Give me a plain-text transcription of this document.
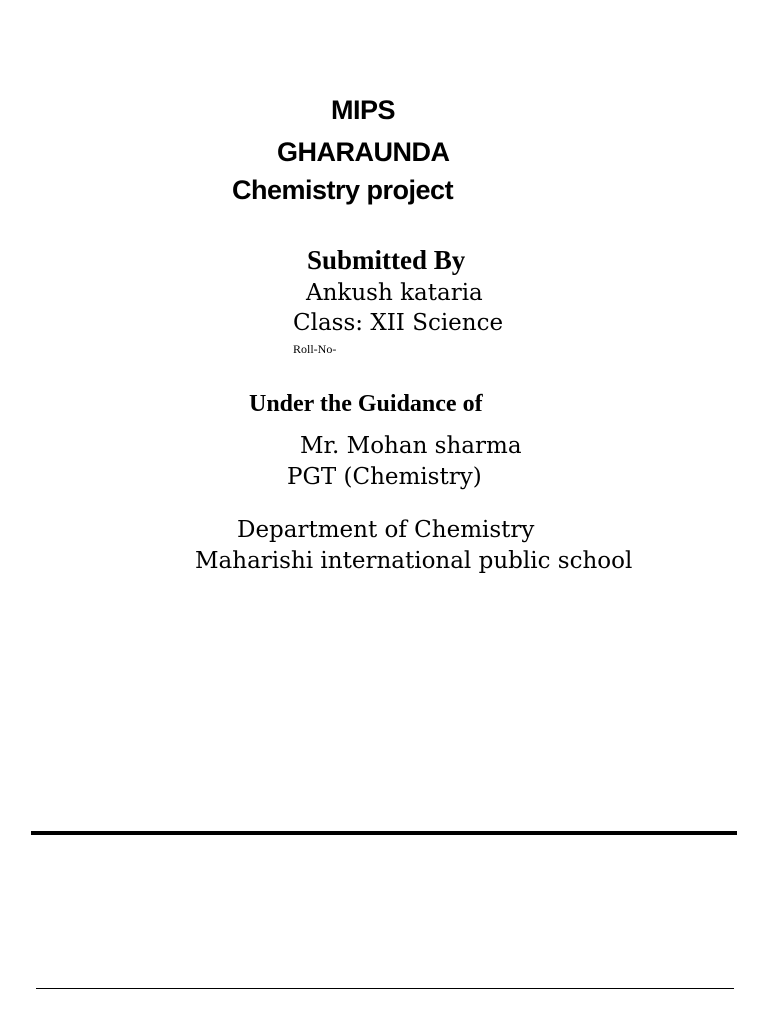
MIPS

GHARAUNDA

Chemistry project

Submitted By

Ankush kataria

Class: XII Science

Roll-No-

Under the Guidance of

Mr. Mohan sharma

PGT (Chemistry)

Department of Chemistry

Maharishi international public school
